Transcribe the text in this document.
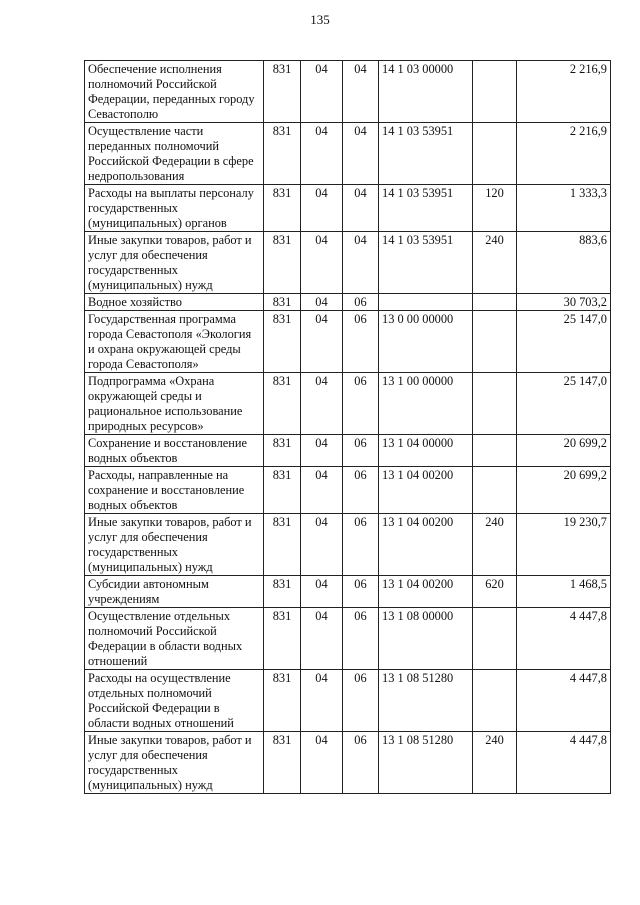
135
Обеспечение исполнения полномочий Российской Федерации, переданных городу Севастополю	831	04	04	14 1 03 00000		2 216,9
Осуществление части переданных полномочий Российской Федерации в сфере недропользования	831	04	04	14 1 03 53951		2 216,9
Расходы на выплаты персоналу государственных (муниципальных) органов	831	04	04	14 1 03 53951	120	1 333,3
Иные закупки товаров, работ и услуг для обеспечения государственных (муниципальных) нужд	831	04	04	14 1 03 53951	240	883,6
Водное хозяйство	831	04	06			30 703,2
Государственная программа города Севастополя «Экология и охрана окружающей среды города Севастополя»	831	04	06	13 0 00 00000		25 147,0
Подпрограмма «Охрана окружающей среды и рациональное использование природных ресурсов»	831	04	06	13 1 00 00000		25 147,0
Сохранение и восстановление водных объектов	831	04	06	13 1 04 00000		20 699,2
Расходы, направленные на сохранение и восстановление водных объектов	831	04	06	13 1 04 00200		20 699,2
Иные закупки товаров, работ и услуг для обеспечения государственных (муниципальных) нужд	831	04	06	13 1 04 00200	240	19 230,7
Субсидии автономным учреждениям	831	04	06	13 1 04 00200	620	1 468,5
Осуществление отдельных полномочий Российской Федерации в области водных отношений	831	04	06	13 1 08 00000		4 447,8
Расходы на осуществление отдельных полномочий Российской Федерации в области водных отношений	831	04	06	13 1 08 51280		4 447,8
Иные закупки товаров, работ и услуг для обеспечения государственных (муниципальных) нужд	831	04	06	13 1 08 51280	240	4 447,8
